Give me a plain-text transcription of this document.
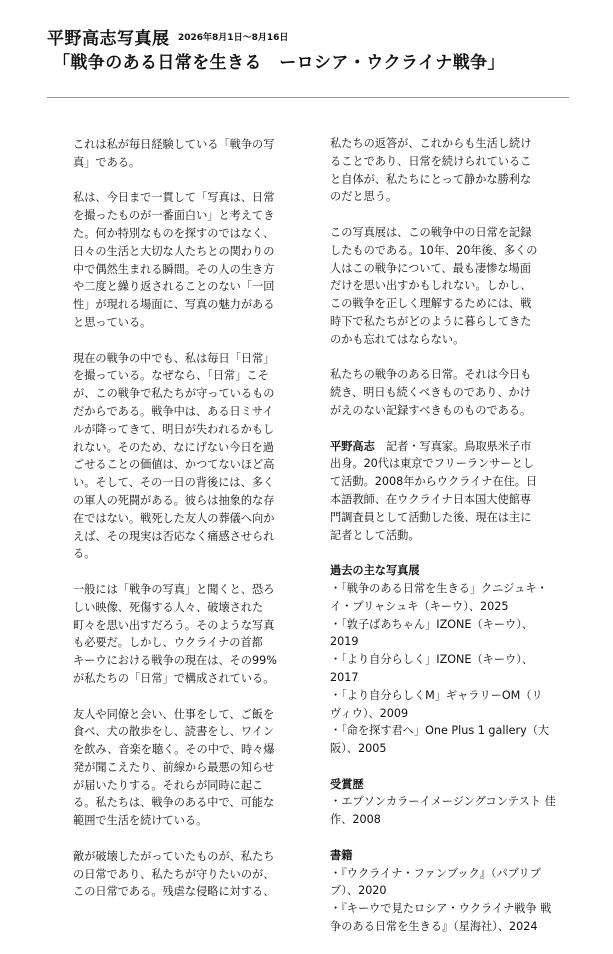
平野高志写真展 2026年8月1日〜8月16日
「戦争のある日常を生きる　ーロシア・ウクライナ戦争」

これは私が毎日経験している「戦争の写
真」である。

私は、今日まで一貫して「写真は、日常
を撮ったものが一番面白い」と考えてき
た。何か特別なものを探すのではなく、
日々の生活と大切な人たちとの関わりの
中で偶然生まれる瞬間。その人の生き方
や二度と繰り返されることのない「一回
性」が現れる場面に、写真の魅力がある
と思っている。

現在の戦争の中でも、私は毎日「日常」
を撮っている。なぜなら、「日常」こそ
が、この戦争で私たちが守っているもの
だからである。戦争中は、ある日ミサイ
ルが降ってきて、明日が失われるかもし
れない。そのため、なにげない今日を過
ごせることの価値は、かつてないほど高
い。そして、その一日の背後には、多く
の軍人の死闘がある。彼らは抽象的な存
在ではない。戦死した友人の葬儀へ向か
えば、その現実は否応なく痛感させられ
る。

一般には「戦争の写真」と聞くと、恐ろ
しい映像、死傷する人々、破壊された
町々を思い出すだろう。そのような写真
も必要だ。しかし、ウクライナの首都
キーウにおける戦争の現在は、その99%
が私たちの「日常」で構成されている。

友人や同僚と会い、仕事をして、ご飯を
食べ、犬の散歩をし、読書をし、ワイン
を飲み、音楽を聴く。その中で、時々爆
発が聞こえたり、前線から最悪の知らせ
が届いたりする。それらが同時に起こ
る。私たちは、戦争のある中で、可能な
範囲で生活を続けている。

敵が破壊したがっていたものが、私たち
の日常であり、私たちが守りたいのが、
この日常である。残虐な侵略に対する、

私たちの返答が、これからも生活し続け
ることであり、日常を続けられているこ
と自体が、私たちにとって静かな勝利な
のだと思う。

この写真展は、この戦争中の日常を記録
したものである。10年、20年後、多くの
人はこの戦争について、最も凄惨な場面
だけを思い出すかもしれない。しかし、
この戦争を正しく理解するためには、戦
時下で私たちがどのように暮らしてきた
のかも忘れてはならない。

私たちの戦争のある日常。それは今日も
続き、明日も続くべきものであり、かけ
がえのない記録すべきものものである。

平野高志　記者・写真家。鳥取県米子市
出身。20代は東京でフリーランサーとし
て活動。2008年からウクライナ在住。日
本語教師、在ウクライナ日本国大使館専
門調査員として活動した後、現在は主に
記者として活動。

過去の主な写真展

・「戦争のある日常を生きる」クニジュキ・
イ・プリャシュキ（キーウ）、2025

・「敦子ばあちゃん」IZONE（キーウ）、
2019

・「より自分らしく」IZONE（キーウ）、
2017

・「より自分らしくM」ギャラリーOM（リ
ヴィウ）、2009

・「命を探す君へ」One Plus 1 gallery（大
阪）、2005

受賞歴

・エプソンカラーイメージングコンテスト 佳
作、2008

書籍

・『ウクライナ・ファンブック』（パブリブ
ブ）、2020

・『キーウで見たロシア・ウクライナ戦争 戦
争のある日常を生きる』（星海社）、2024
